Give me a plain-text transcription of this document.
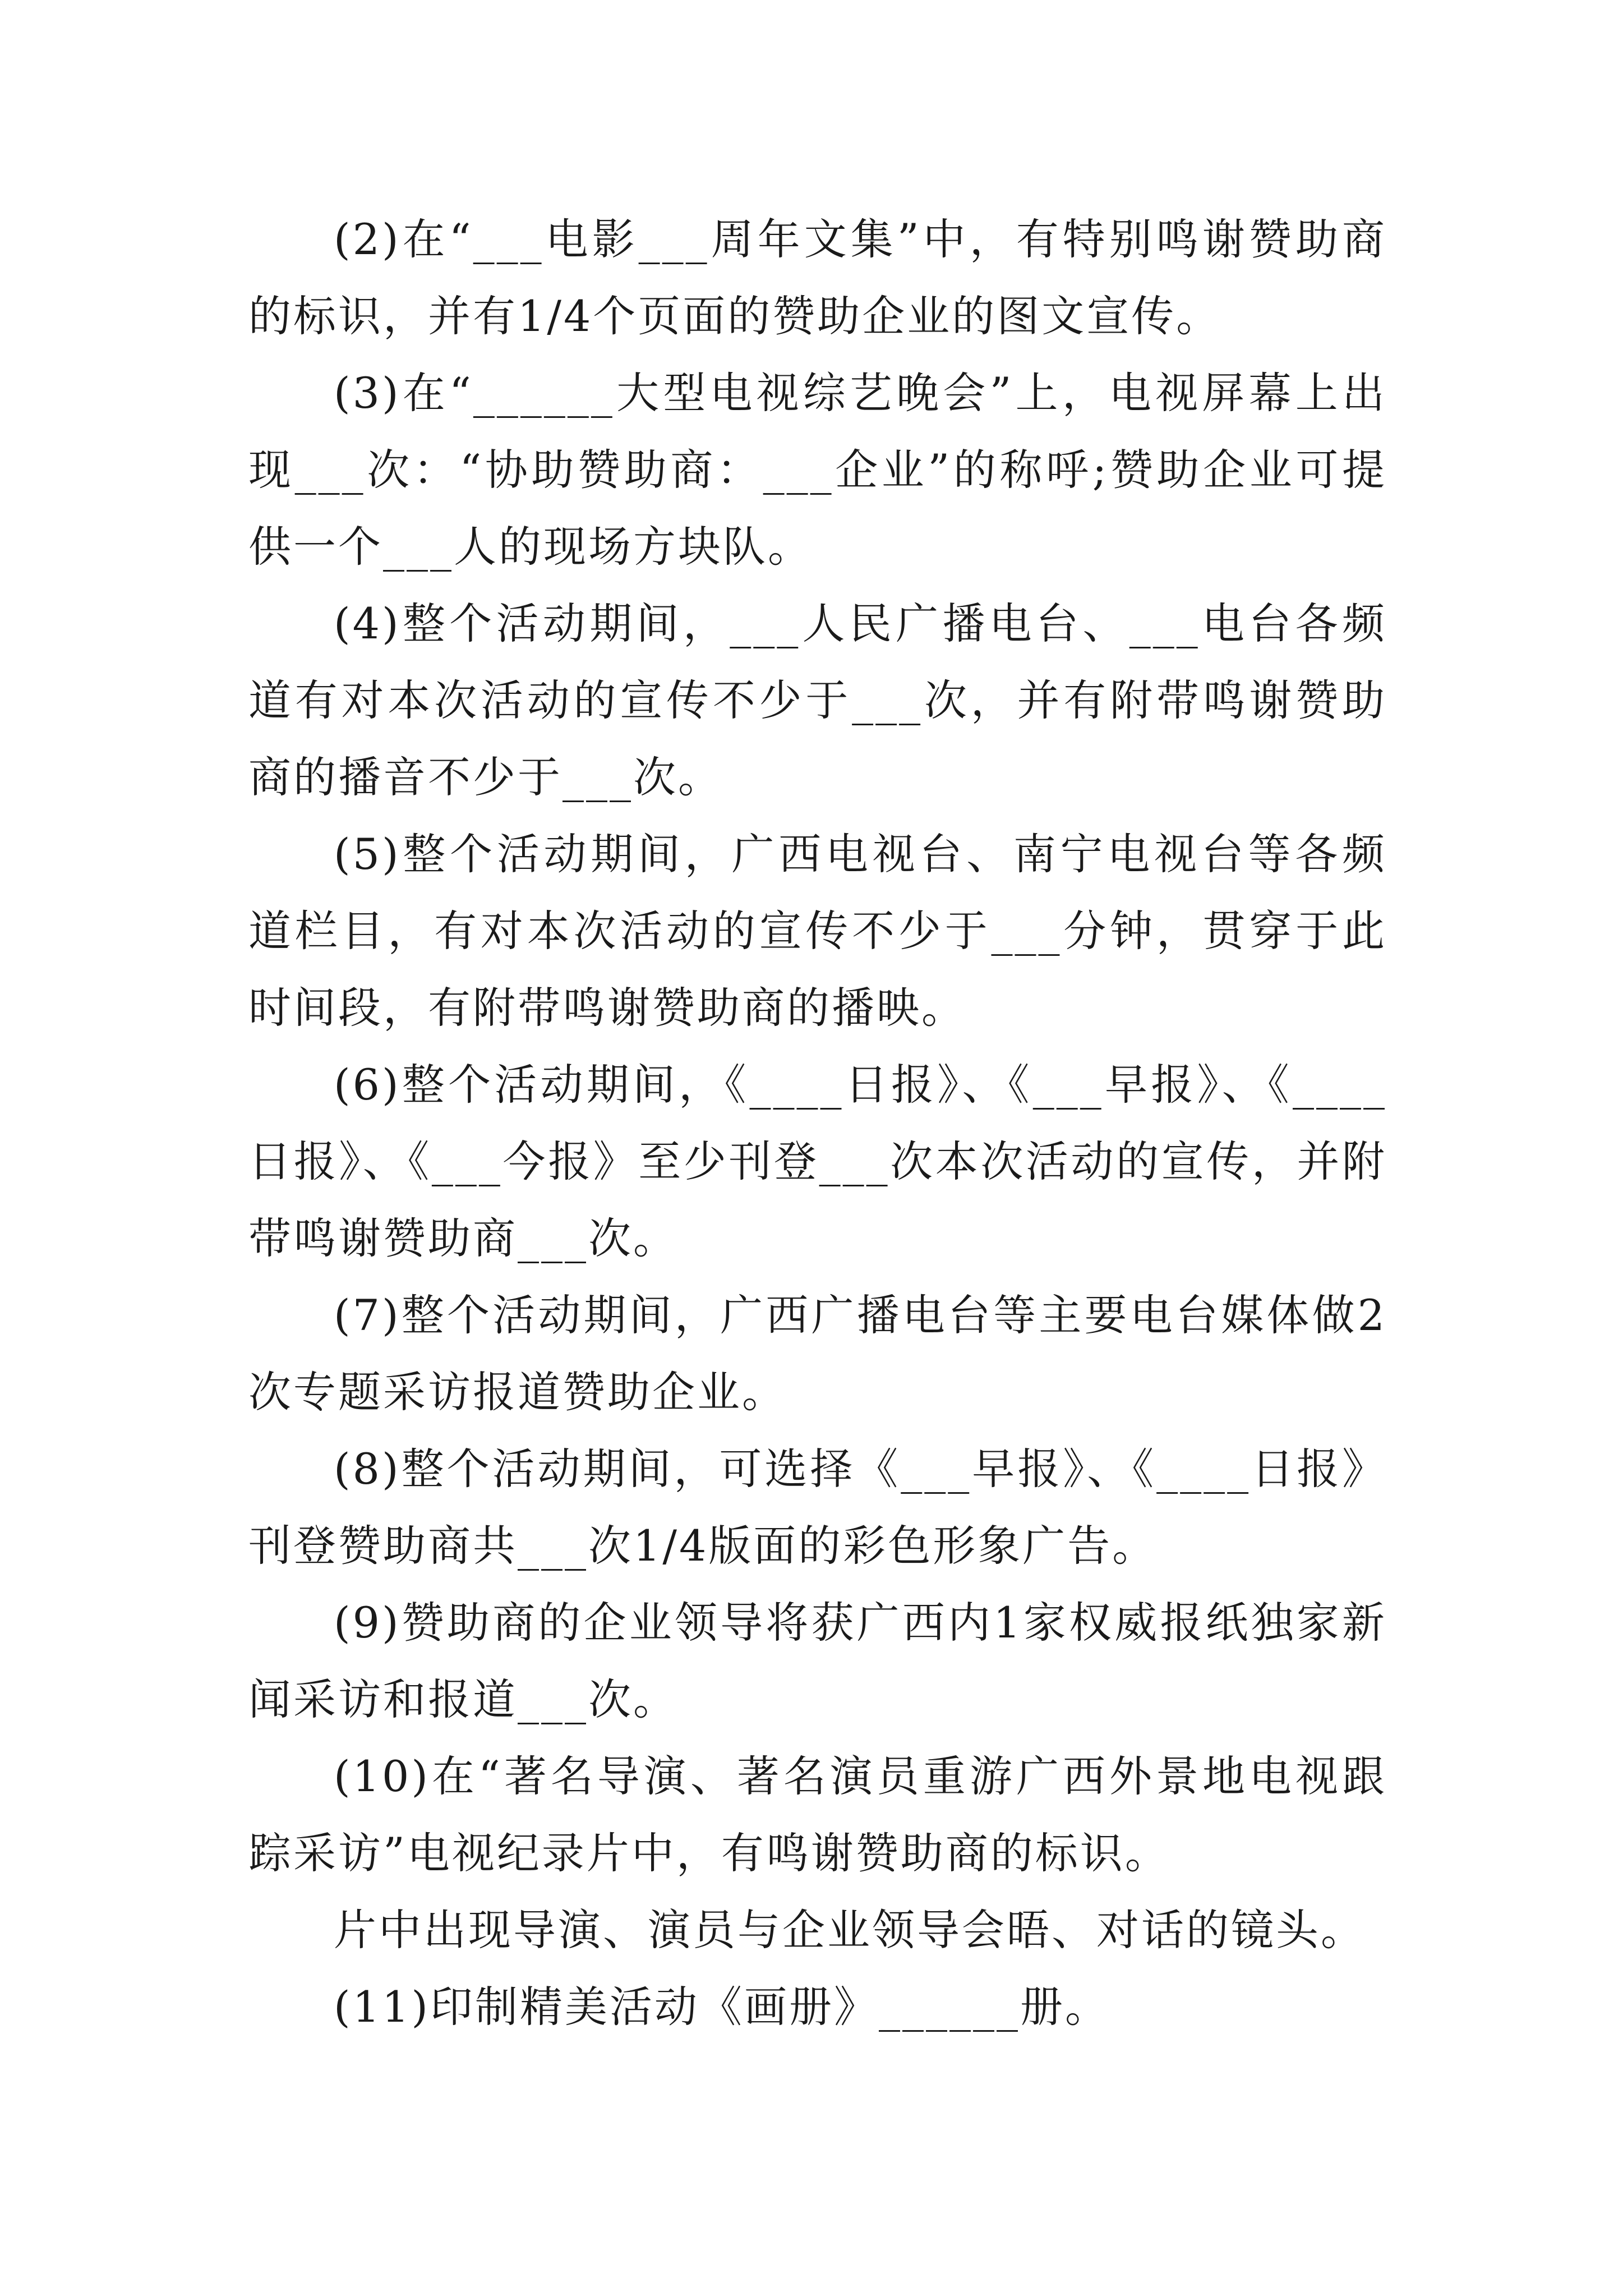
(2)在“___电影___周年文集”中，有特别鸣谢赞助商的标识，并有1/4个页面的赞助企业的图文宣传。

(3)在“______大型电视综艺晚会”上，电视屏幕上出现___次：“协助赞助商：___企业”的称呼;赞助企业可提供一个___人的现场方块队。

(4)整个活动期间，___人民广播电台、___电台各频道有对本次活动的宣传不少于___次，并有附带鸣谢赞助商的播音不少于___次。

(5)整个活动期间，广西电视台、南宁电视台等各频道栏目，有对本次活动的宣传不少于___分钟，贯穿于此时间段，有附带鸣谢赞助商的播映。

(6)整个活动期间，《____日报》、《___早报》、《____日报》、《___今报》至少刊登___次本次活动的宣传，并附带鸣谢赞助商___次。

(7)整个活动期间，广西广播电台等主要电台媒体做2次专题采访报道赞助企业。

(8)整个活动期间，可选择《___早报》、《____日报》刊登赞助商共___次1/4版面的彩色形象广告。

(9)赞助商的企业领导将获广西内1家权威报纸独家新闻采访和报道___次。

(10)在“著名导演、著名演员重游广西外景地电视跟踪采访”电视纪录片中，有鸣谢赞助商的标识。

片中出现导演、演员与企业领导会晤、对话的镜头。

(11)印制精美活动《画册》______册。
